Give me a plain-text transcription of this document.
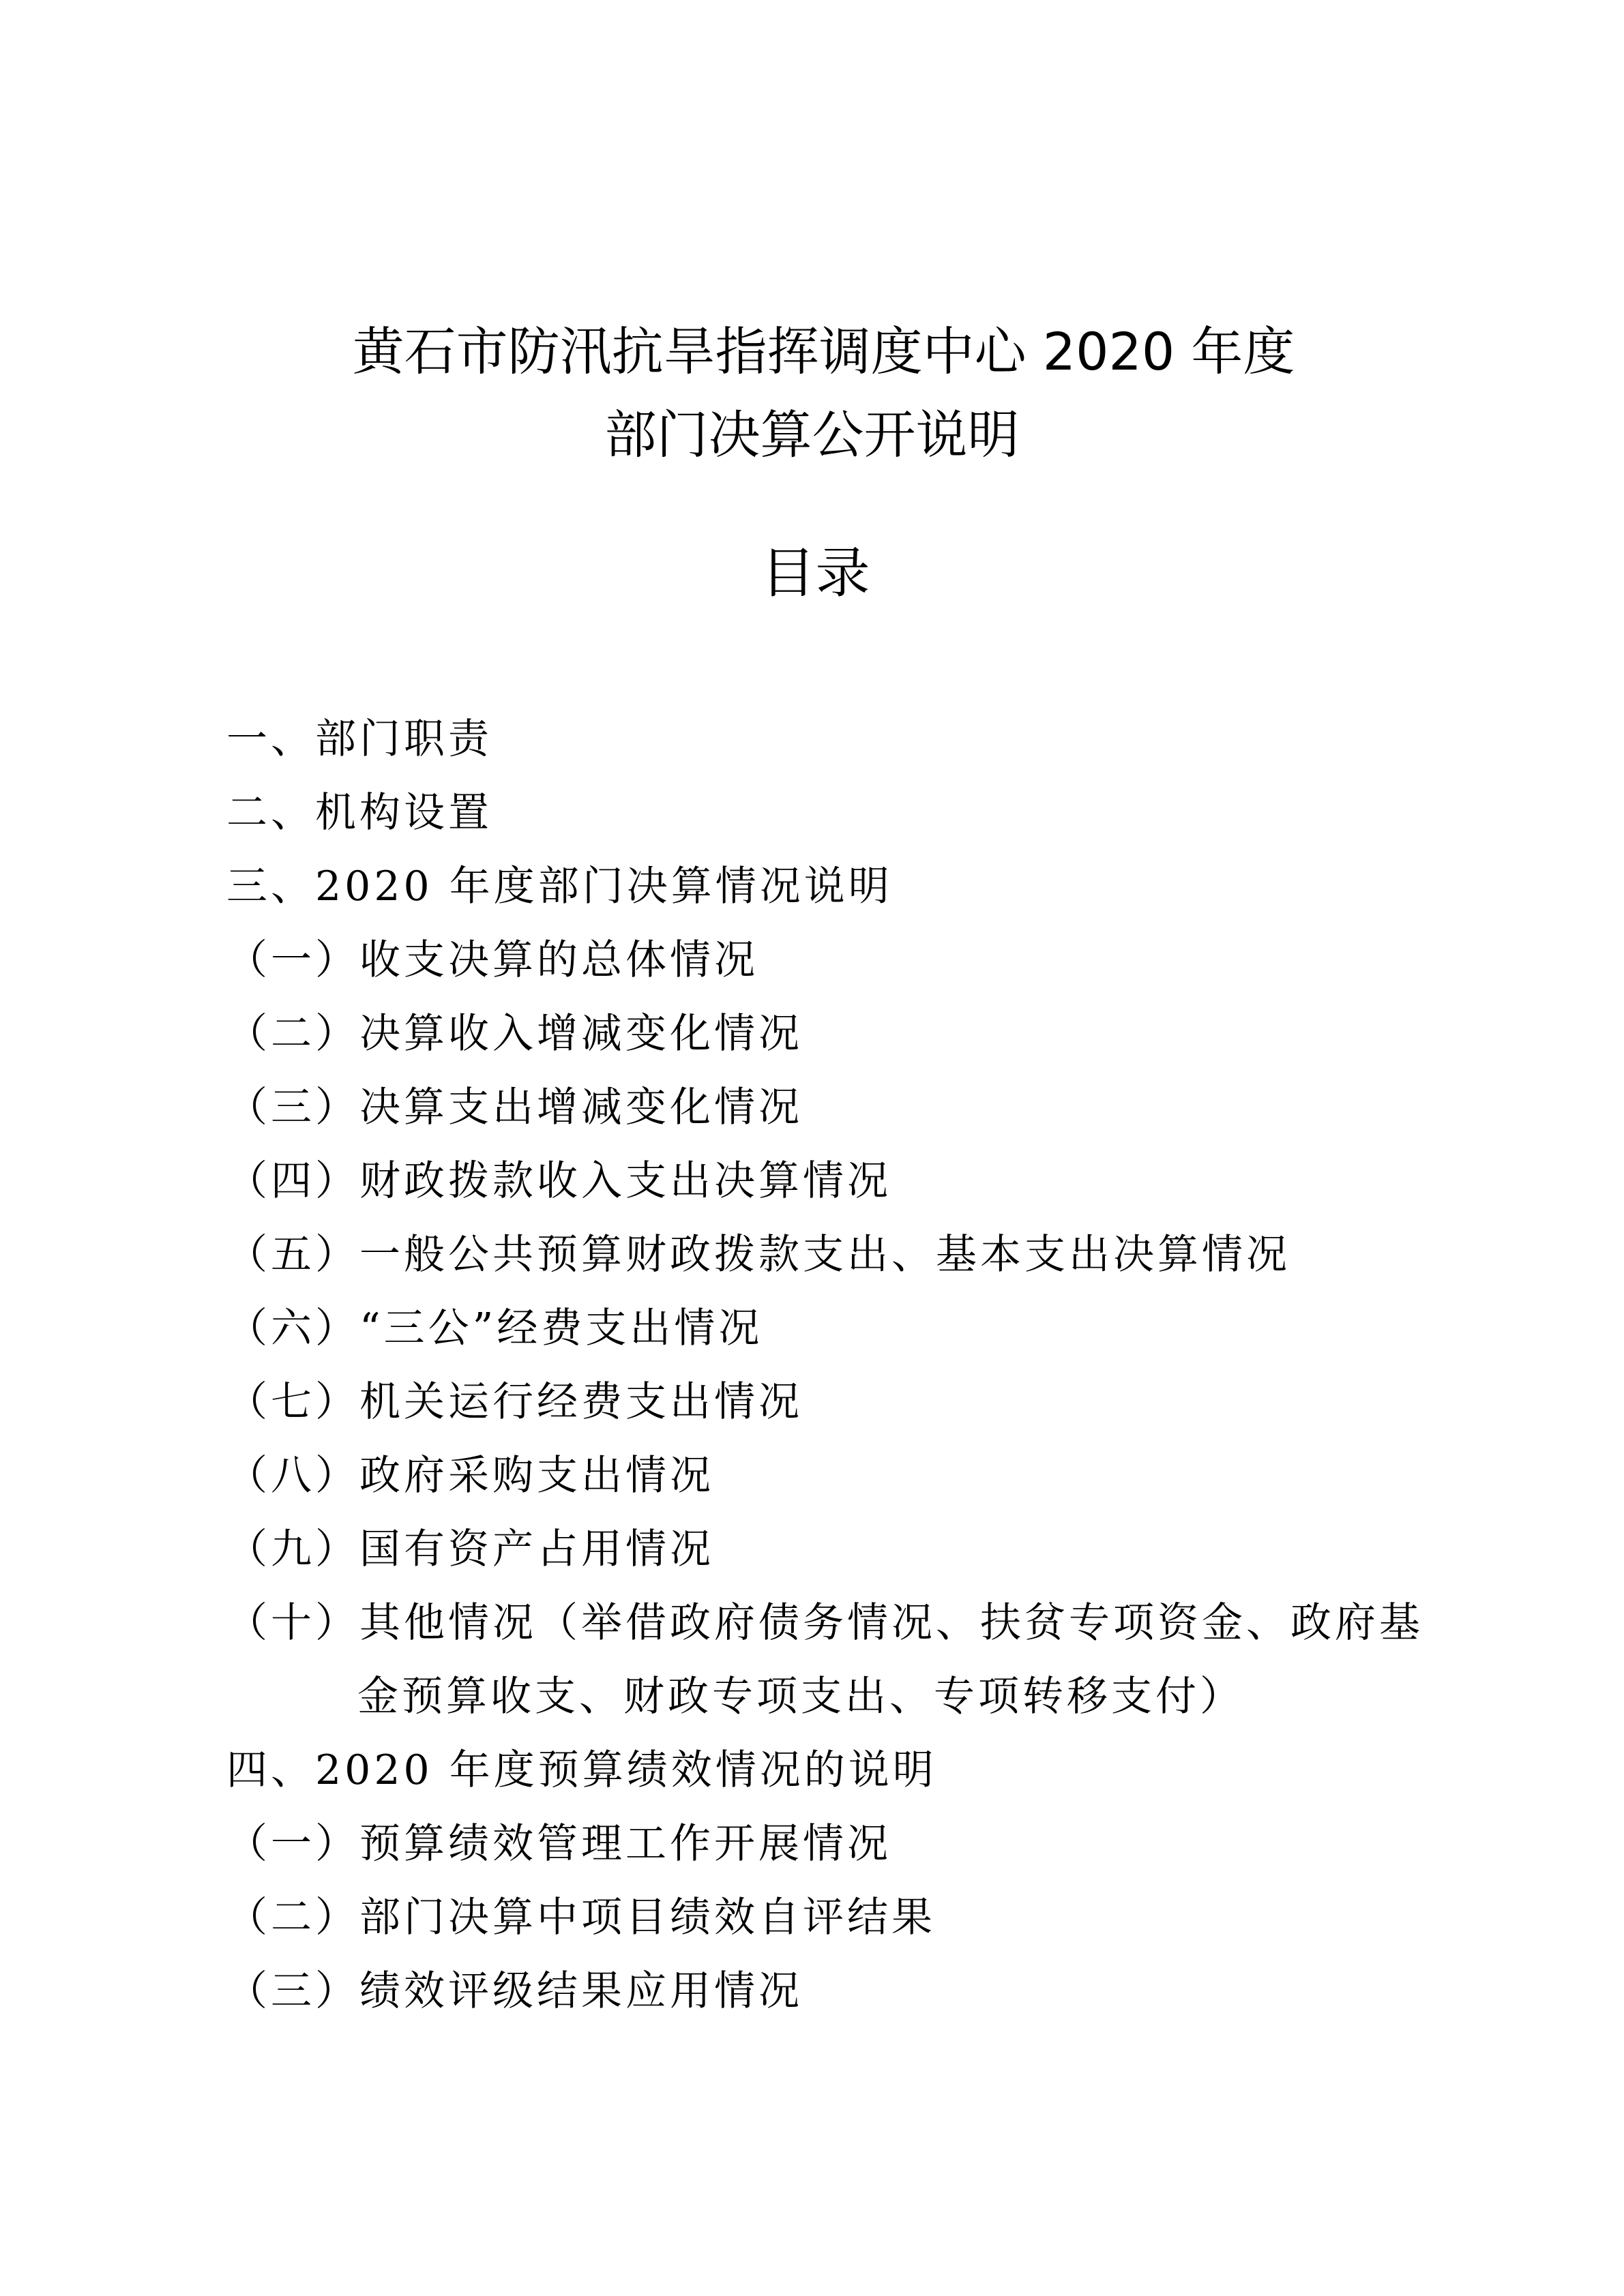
黄石市防汛抗旱指挥调度中心 2020 年度
部门决算公开说明
目录
一、部门职责
二、机构设置
三、2020 年度部门决算情况说明
（一）收支决算的总体情况
（二）决算收入增减变化情况
（三）决算支出增减变化情况
（四）财政拨款收入支出决算情况
（五）一般公共预算财政拨款支出、基本支出决算情况
（六）“三公”经费支出情况
（七）机关运行经费支出情况
（八）政府采购支出情况
（九）国有资产占用情况
（十）其他情况（举借政府债务情况、扶贫专项资金、政府基
金预算收支、财政专项支出、专项转移支付）
四、2020 年度预算绩效情况的说明
（一）预算绩效管理工作开展情况
（二）部门决算中项目绩效自评结果
（三）绩效评级结果应用情况
